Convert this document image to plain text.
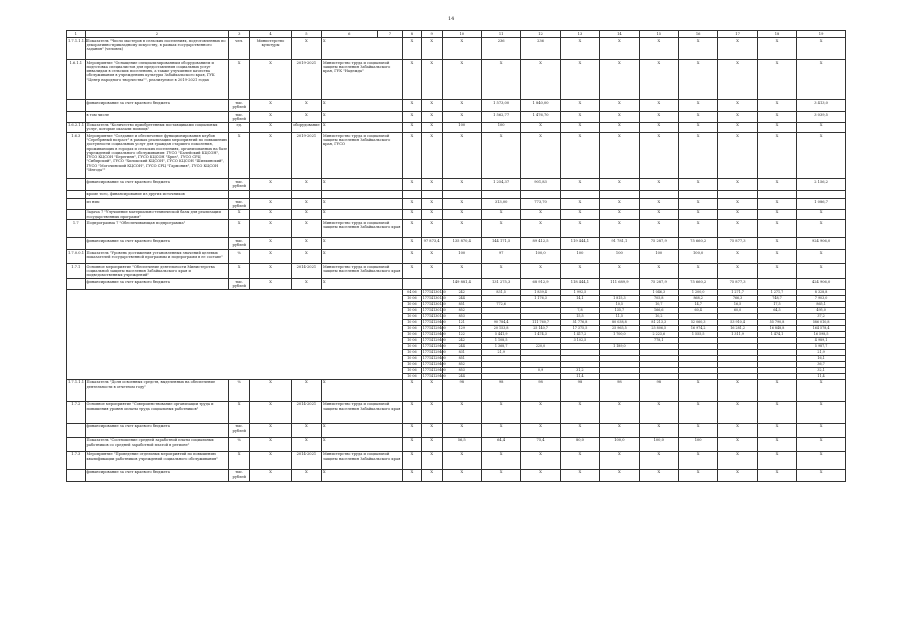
14
1	2	3	4	5	6	7	8	9	10	11	12	13	14	15	16	17	18	19
1.7.1.1.1.1	Показатель "Число мастеров в сельских поселениях, подготовленных по декоративно-прикладному искусству, в рамках государственного задания" (человек)	чел.	Министерство культуры	X	X		X	X	X	236	236	X	X	X	X	X	X	X
1.6.1.1	Мероприятие "Оснащение специализированным оборудованием и подготовка специалистов для предоставления социальных услуг инвалидам в сельских поселениях, а также улучшение качества обслуживания в учреждениях культуры Забайкальского края, ГУК "Центр народного творчества"", реализуемое в 2019-2021 годах	X	X	2019-2021	Министерство труда и социальной защиты населения Забайкальского края, ГУК "Надежда"		X	X	X	X	X	X	X	X	X	X	X	X
	финансирование за счет краевого бюджета	тыс. рублей	X	X	X		X	X	X	1 573,00	1 840,00	X	X	X	X	X	X	3 413,0
	в том числе	тыс. рублей	X	X	X		X	X	X	1 562,77	1 476,70	X	X	X	X	X	X	3 039,5
1.6.2.1.1	Показатель "Количество приобретенных поставщиками социальных услуг, которые оказали помощь"	ед.	X	оборудование	X		X	X	100	100	X	X	X	X	X	X	X	X
1.6.3	Мероприятие "Создание и обеспечение функционирования клубов "Серебряный возраст" в рамках реализации мероприятий по повышению доступности социальных услуг для граждан старшего поколения, проживающих в городах и сельских поселениях, организованных на базе учреждений социального обслуживания: ГУСО "Балейский КЦСОН", ГУСО КЦСОН "Берегиня", ГУСО КЦСОН "Бриз", ГУСО СРЦ "Сибирский", ГУСО "Хилокский КЦСОН", ГУСО КЦСОН "Шилкинский", ГУСО "Могочинский КЦСОН", ГУСО СРЦ "Гармония", ГУСО КЦСОН "Ингода""	X	X	2019-2021	Министерство труда и социальной защиты населения Забайкальского края, ГУСО		X	X	X	X	X	X	X	X	X	X	X	X
	финансирование за счет краевого бюджета	тыс. рублей	X	X	X		X	X	X	1 254,37	901,83	X	X	X	X	X	X	2 156,2
	кроме того, финансирование из других источников																	
	из них:	тыс. рублей	X	X	X		X	X	X	313,00	773,70	X	X	X	X	X	X	1 086,7
	Задача 7 "Улучшение материально-технической базы для реализации государственных программ"	X	X	X	X		X	X	X	X	X	X	X	X	X	X	X	X
1.7	Подпрограмма 7 "Обеспечивающая подпрограмма"	X	X	X	Министерство труда и социальной защиты населения Забайкальского края		X	X	X	X	X	X	X	X	X	X	X	X
	финансирование за счет краевого бюджета	тыс. рублей	X	X	X		X	97 873,4	135 870,4	144 171,5	89 412,5	119 444,1	91 781,1	75 287,9	75 660,2	75 877,3	X	924 906,0
1.7.0.0.1	Показатель "Уровень достижения установленных значений целевых показателей государственной программы и подпрограмм в ее составе"	%	X	X	X		X	X	100	97	100,0	100	100	100	100,0	X	X	X
1.7.1	Основное мероприятие "Обеспечение деятельности Министерства социальной защиты населения Забайкальского края и подведомственных учреждений"	X	X	2014-2021	Министерство труда и социальной защиты населения Забайкальского края		X	X	X	X	X	X	X	X	X	X	X	X
	финансирование за счет краевого бюджета	тыс. рублей	X	X	X				149 881,4	131 275,3	68 912,9	118 444,1	111 689,9	75 287,9	75 660,2	75 877,3		424 906,0
							04 06	17714130130	242	831,5	1 839,4	1 992,5		1 046,3	1 200,0	1 271,7	1 271,7	8 328,8
							10 06	17714130130	244		1 176,3	14,1	1 815,3	705,8	868,2	766,3	748,7	7 903,0
							10 06	17714130130	851	772,6			10,5	10,7	14,7	16,5	17,5	865,1
							10 06	17714130130	852			7,8	135,7	166,6	60,4	60,0	64,5	495,0
							10 06	17714130130	853			15,5	11,5	10,2				37,2
							10 06	17714129400	121	90 784,4	111 760,7	51 776,8	80 038,8	81 213,3	52 060,3	53 910,4	55 790,8	586 010,8
							10 06	17714129400	129	20 153,8	25 140,7	17 375,5	25 965,5	25 806,5	16 974,2	16 281,2	16 848,8	164 578,4
							10 06	17714129400	122	5 441,9	1 474,3	1 417,2	1 700,0	2 223,6	1 555,5	1 311,9	1 474,1	16 598,5
							10 06	17714129400	242	1 108,5		3 102,5		778,1				4 989,1
							10 06	17714129400	244	1 368,7	220,0		1 189,0					5 987,7
							10 06	17714129400	831	21,9								21,9
							10 06	17714129400	851									16,1
							10 06	17714129400	852									36,7
							10 06	17714129400	853		0,9	31,2						32,1
							10 06	17714129400	244			11,4						11,4
1.7.1.1.1	Показатель "Доля освоенных средств, выделенных на обеспечение деятельности в отчетном году"	%	X	X	X		X	X	98	98	98	98	98	98	X	X	X	X
1.7.2	Основное мероприятие "Совершенствование организации труда и повышения уровня оплаты труда социальных работников"	X	X	2014-2021	Министерство труда и социальной защиты населения Забайкальского края		X	X	X	X	X	X	X	X	X	X	X	X
	финансирование за счет краевого бюджета	тыс. рублей	X	X	X		X	X	X	X	X	X	X	X	X	X	X	X
	Показатель "Соотношение средней заработной платы социальных работников со средней заработной платой в регионе"	%	X	X	X		X	X	56,5	64,4	75,4	80,0	100,0	100,0	100	X	X	X
1.7.3	Мероприятие "Проведение отдельных мероприятий по повышению квалификации работников учреждений социального обслуживания"	X	X	2014-2021	Министерство труда и социальной защиты населения Забайкальского края		X	X	X	X	X	X	X	X	X	X	X	X
	финансирование за счет краевого бюджета	тыс. рублей	X	X	X		X	X	X	X	X	X	X	X	X	X	X	X
